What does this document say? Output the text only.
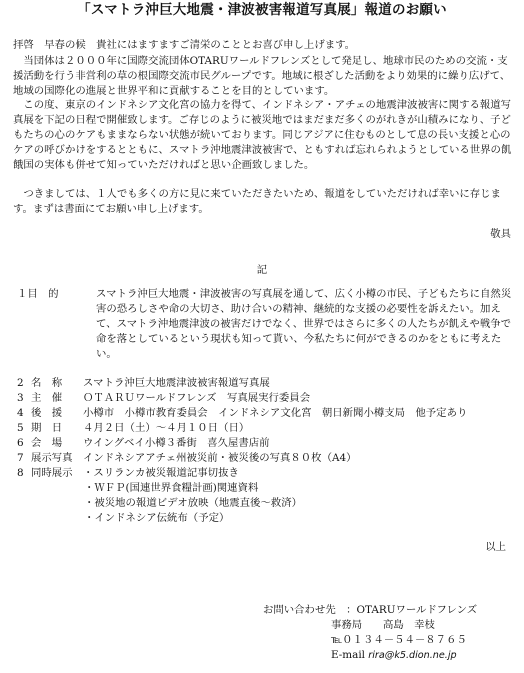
「スマトラ沖巨大地震・津波被害報道写真展」報道のお願い
拝啓　早春の候　貴社にはますますご清栄のこととお喜び申し上げます。
当団体は２０００年に国際交流団体OTARUワールドフレンズとして発足し、地球市民のための交流・支援活動を行う非営利の草の根国際交流市民グループです。地域に根ざした活動をより効果的に繰り広げて、地域の国際化の進展と世界平和に貢献することを目的としています。
この度、東京のインドネシア文化宮の協力を得て、インドネシア・アチェの地震津波被害に関する報道写真展を下記の日程で開催致します。ご存じのように被災地ではまだまだ多くのがれきが山積みになり、子どもたちの心のケアもままならない状態が続いております。同じアジアに住むものとして息の長い支援と心のケアの呼びかけをするとともに、スマトラ沖地震津波被害で、ともすれば忘れられようとしている世界の飢餓国の実体も併せて知っていただければと思い企画致しました。
つきましては、１人でも多くの方に見に来ていただきたいため、報道をしていただければ幸いに存じます。まずは書面にてお願い申し上げます。
敬具
記
１目　的	スマトラ沖巨大地震・津波被害の写真展を通して、広く小樽の市民、子どもたちに自然災害の恐ろしさや命の大切さ、助け合いの精神、継続的な支援の必要性を訴えたい。加えて、スマトラ沖地震津波の被害だけでなく、世界ではさらに多くの人たちが飢えや戦争で命を落としているという現状も知って貰い、今私たちに何ができるのかをともに考えたい。
2 名　称 スマトラ沖巨大地震津波被害報道写真展
3 主　催 ＯＴＡＲＵワールドフレンズ　写真展実行委員会
4 後　援 小樽市　小樽市教育委員会　インドネシア文化宮　朝日新聞小樽支局　他予定あり
5 期　日 ４月２日（土）～４月１０日（日）
6 会　場 ウイングベイ小樽３番街　喜久屋書店前
7 展示写真 インドネシアアチェ州被災前・被災後の写真８０枚（A4）
8 同時展示 ・スリランカ被災報道記事切抜き
・ＷＦＰ(国連世界食糧計画)関連資料
・被災地の報道ビデオ放映（地震直後～救済）
・インドネシア伝統布（予定）
以上
お問い合わせ先　：OTARUワールドフレンズ
事務局　　高島　幸枝
℡０１３４－５４－８７６５
E-mail rira@k5.dion.ne.jp
